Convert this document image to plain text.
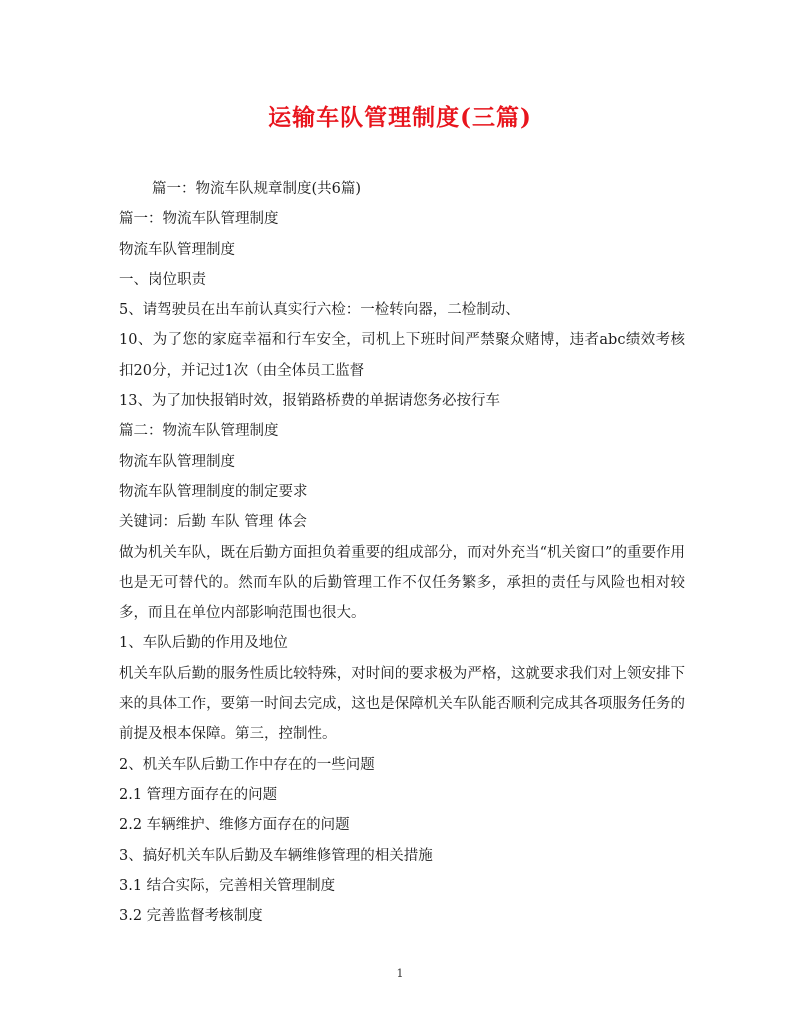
运输车队管理制度(三篇)

篇一：物流车队规章制度(共6篇)

篇一：物流车队管理制度

物流车队管理制度

一、岗位职责

5、请驾驶员在出车前认真实行六检：一检转向器，二检制动、

10、为了您的家庭幸福和行车安全，司机上下班时间严禁聚众赌博，违者abc绩效考核扣20分，并记过1次（由全体员工监督

13、为了加快报销时效，报销路桥费的单据请您务必按行车

篇二：物流车队管理制度

物流车队管理制度

物流车队管理制度的制定要求

关键词：后勤 车队 管理 体会

做为机关车队，既在后勤方面担负着重要的组成部分，而对外充当“机关窗口”的重要作用也是无可替代的。然而车队的后勤管理工作不仅任务繁多，承担的责任与风险也相对较多，而且在单位内部影响范围也很大。

1、车队后勤的作用及地位

机关车队后勤的服务性质比较特殊，对时间的要求极为严格，这就要求我们对上领安排下来的具体工作，要第一时间去完成，这也是保障机关车队能否顺利完成其各项服务任务的前提及根本保障。第三，控制性。

2、机关车队后勤工作中存在的一些问题

2.1 管理方面存在的问题

2.2 车辆维护、维修方面存在的问题

3、搞好机关车队后勤及车辆维修管理的相关措施

3.1 结合实际，完善相关管理制度

3.2 完善监督考核制度

1
